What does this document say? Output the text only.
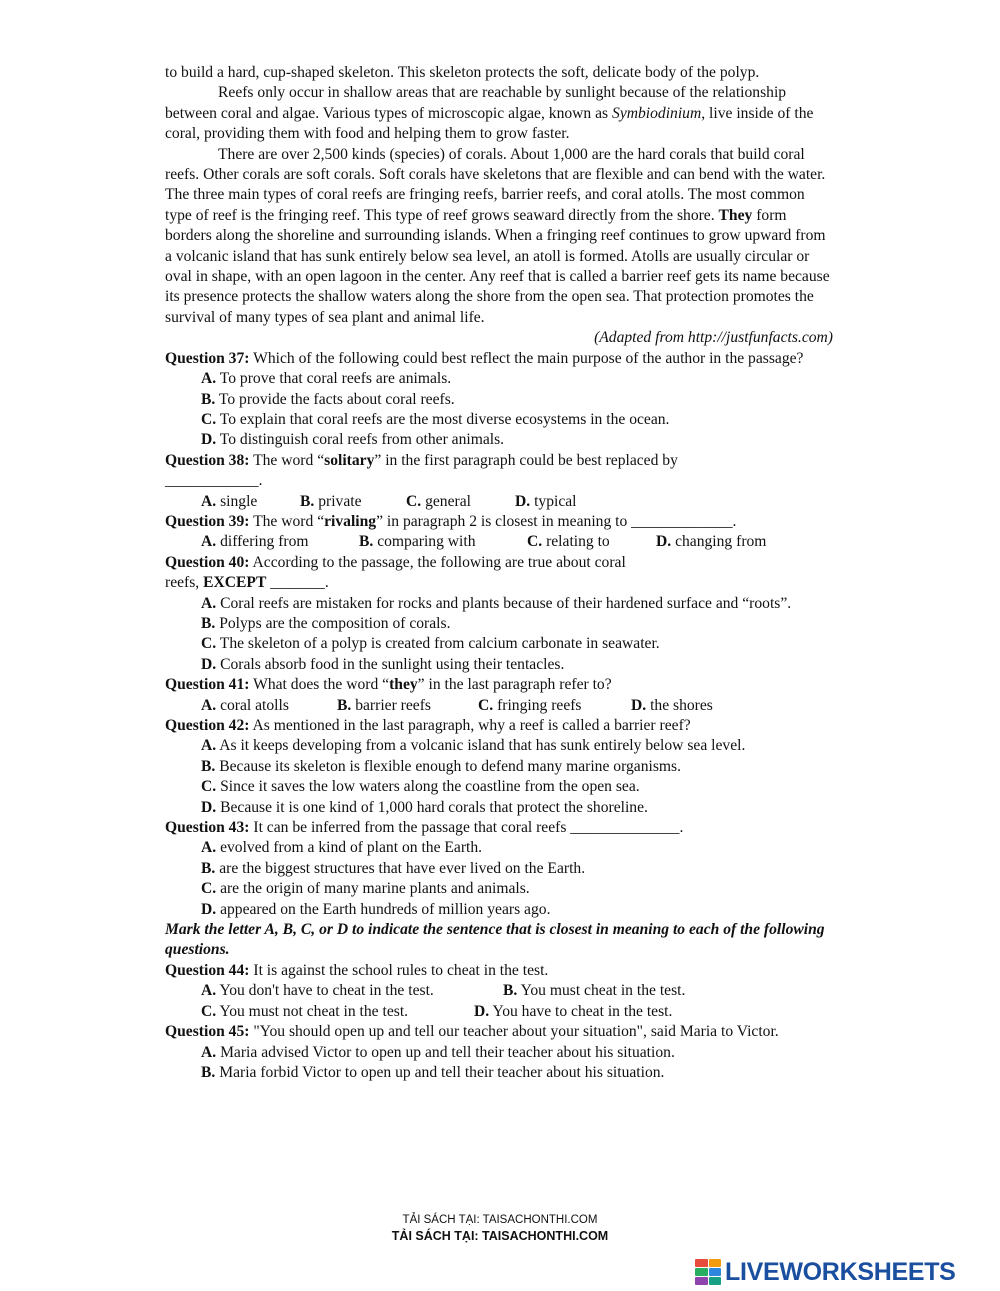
to build a hard, cup-shaped skeleton. This skeleton protects the soft, delicate body of the polyp.

Reefs only occur in shallow areas that are reachable by sunlight because of the relationship between coral and algae. Various types of microscopic algae, known as Symbiodinium, live inside of the coral, providing them with food and helping them to grow faster.

There are over 2,500 kinds (species) of corals. About 1,000 are the hard corals that build coral reefs. Other corals are soft corals. Soft corals have skeletons that are flexible and can bend with the water. The three main types of coral reefs are fringing reefs, barrier reefs, and coral atolls. The most common type of reef is the fringing reef. This type of reef grows seaward directly from the shore. They form borders along the shoreline and surrounding islands. When a fringing reef continues to grow upward from a volcanic island that has sunk entirely below sea level, an atoll is formed. Atolls are usually circular or oval in shape, with an open lagoon in the center. Any reef that is called a barrier reef gets its name because its presence protects the shallow waters along the shore from the open sea. That protection promotes the survival of many types of sea plant and animal life.

(Adapted from http://justfunfacts.com)

Question 37: Which of the following could best reflect the main purpose of the author in the passage?

A. To prove that coral reefs are animals.

B. To provide the facts about coral reefs.

C. To explain that coral reefs are the most diverse ecosystems in the ocean.

D. To distinguish coral reefs from other animals.

Question 38: The word “solitary” in the first paragraph could be best replaced by
____________.

A. single	B. private	C. general	D. typical

Question 39: The word “rivaling” in paragraph 2 is closest in meaning to _____________.

A. differing from	B. comparing with	C. relating to	D. changing from

Question 40: According to the passage, the following are true about coral
reefs, EXCEPT _______.

A. Coral reefs are mistaken for rocks and plants because of their hardened surface and “roots”.

B. Polyps are the composition of corals.

C. The skeleton of a polyp is created from calcium carbonate in seawater.

D. Corals absorb food in the sunlight using their tentacles.

Question 41: What does the word “they” in the last paragraph refer to?

A. coral atolls	B. barrier reefs	C. fringing reefs	D. the shores

Question 42: As mentioned in the last paragraph, why a reef is called a barrier reef?

A. As it keeps developing from a volcanic island that has sunk entirely below sea level.

B. Because its skeleton is flexible enough to defend many marine organisms.

C. Since it saves the low waters along the coastline from the open sea.

D. Because it is one kind of 1,000 hard corals that protect the shoreline.

Question 43: It can be inferred from the passage that coral reefs ______________.

A. evolved from a kind of plant on the Earth.

B. are the biggest structures that have ever lived on the Earth.

C. are the origin of many marine plants and animals.

D. appeared on the Earth hundreds of million years ago.

Mark the letter A, B, C, or D to indicate the sentence that is closest in meaning to each of the following questions.

Question 44: It is against the school rules to cheat in the test.

A. You don't have to cheat in the test.	B. You must cheat in the test.

C. You must not cheat in the test.	D. You have to cheat in the test.

Question 45: "You should open up and tell our teacher about your situation", said Maria to Victor.

A. Maria advised Victor to open up and tell their teacher about his situation.

B. Maria forbid Victor to open up and tell their teacher about his situation.

TẢI SÁCH TẠI: TAISACHONTHI.COM
TẢI SÁCH TẠI: TAISACHONTHI.COM
LIVEWORKSHEETS
